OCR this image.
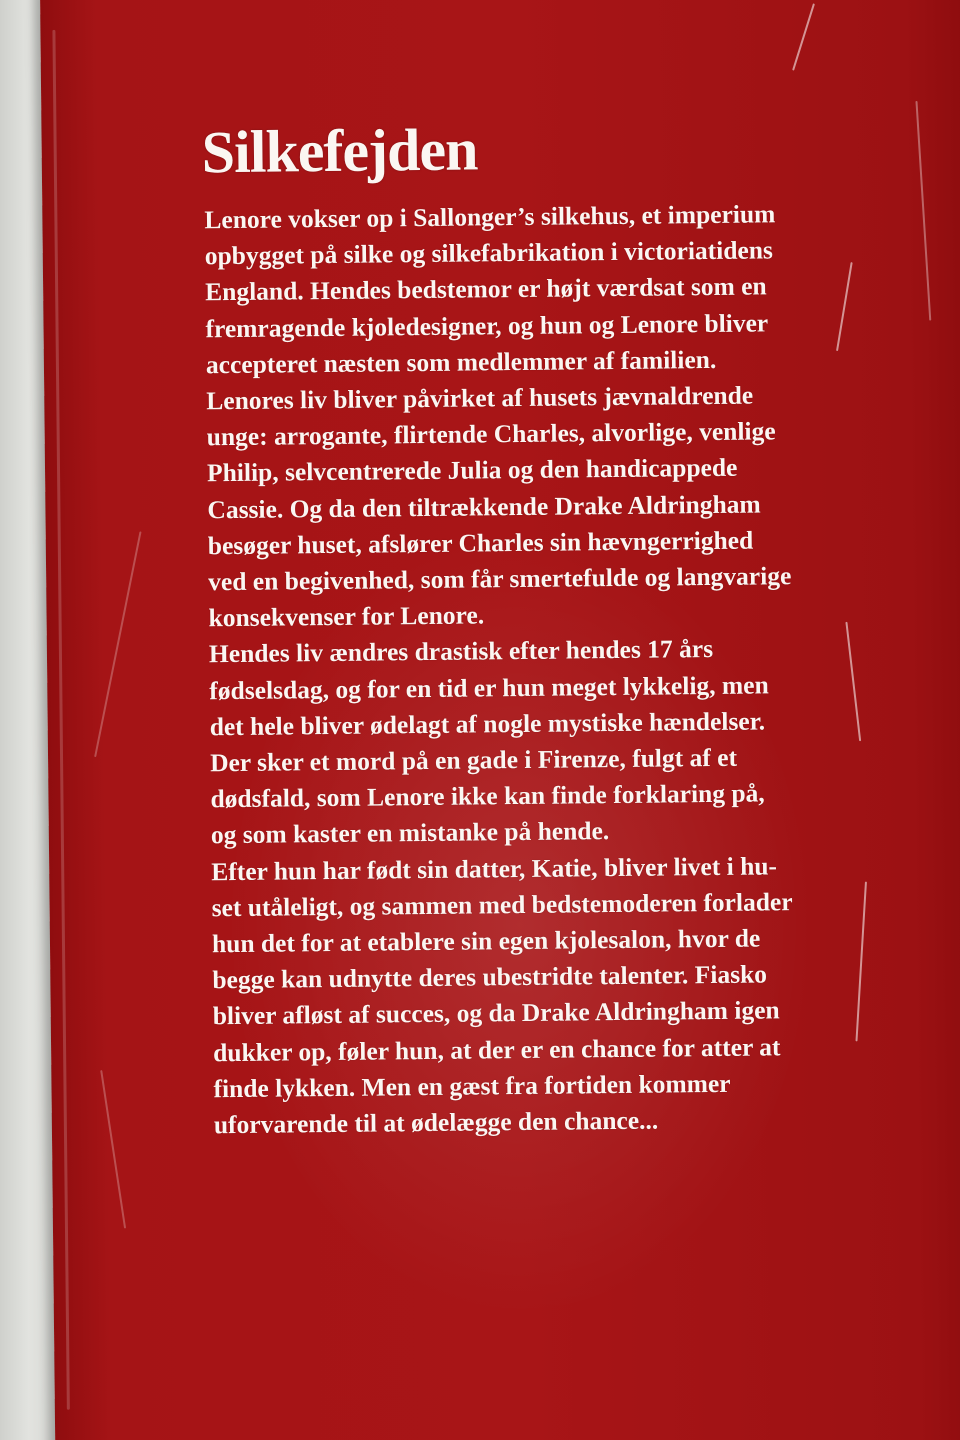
Silkefejden

Lenore vokser op i Sallonger’s silkehus, et imperium
opbygget på silke og silkefabrikation i victoriatidens
England. Hendes bedstemor er højt værdsat som en
fremragende kjoledesigner, og hun og Lenore bliver
accepteret næsten som medlemmer af familien.
Lenores liv bliver påvirket af husets jævnaldrende
unge: arrogante, flirtende Charles, alvorlige, venlige
Philip, selvcentrerede Julia og den handicappede
Cassie. Og da den tiltrækkende Drake Aldringham
besøger huset, afslører Charles sin hævngerrighed
ved en begivenhed, som får smertefulde og langvarige
konsekvenser for Lenore.
Hendes liv ændres drastisk efter hendes 17 års
fødselsdag, og for en tid er hun meget lykkelig, men
det hele bliver ødelagt af nogle mystiske hændelser.
Der sker et mord på en gade i Firenze, fulgt af et
dødsfald, som Lenore ikke kan finde forklaring på,
og som kaster en mistanke på hende.
Efter hun har født sin datter, Katie, bliver livet i hu-
set utåleligt, og sammen med bedstemoderen forlader
hun det for at etablere sin egen kjolesalon, hvor de
begge kan udnytte deres ubestridte talenter. Fiasko
bliver afløst af succes, og da Drake Aldringham igen
dukker op, føler hun, at der er en chance for atter at
finde lykken. Men en gæst fra fortiden kommer
uforvarende til at ødelægge den chance...
